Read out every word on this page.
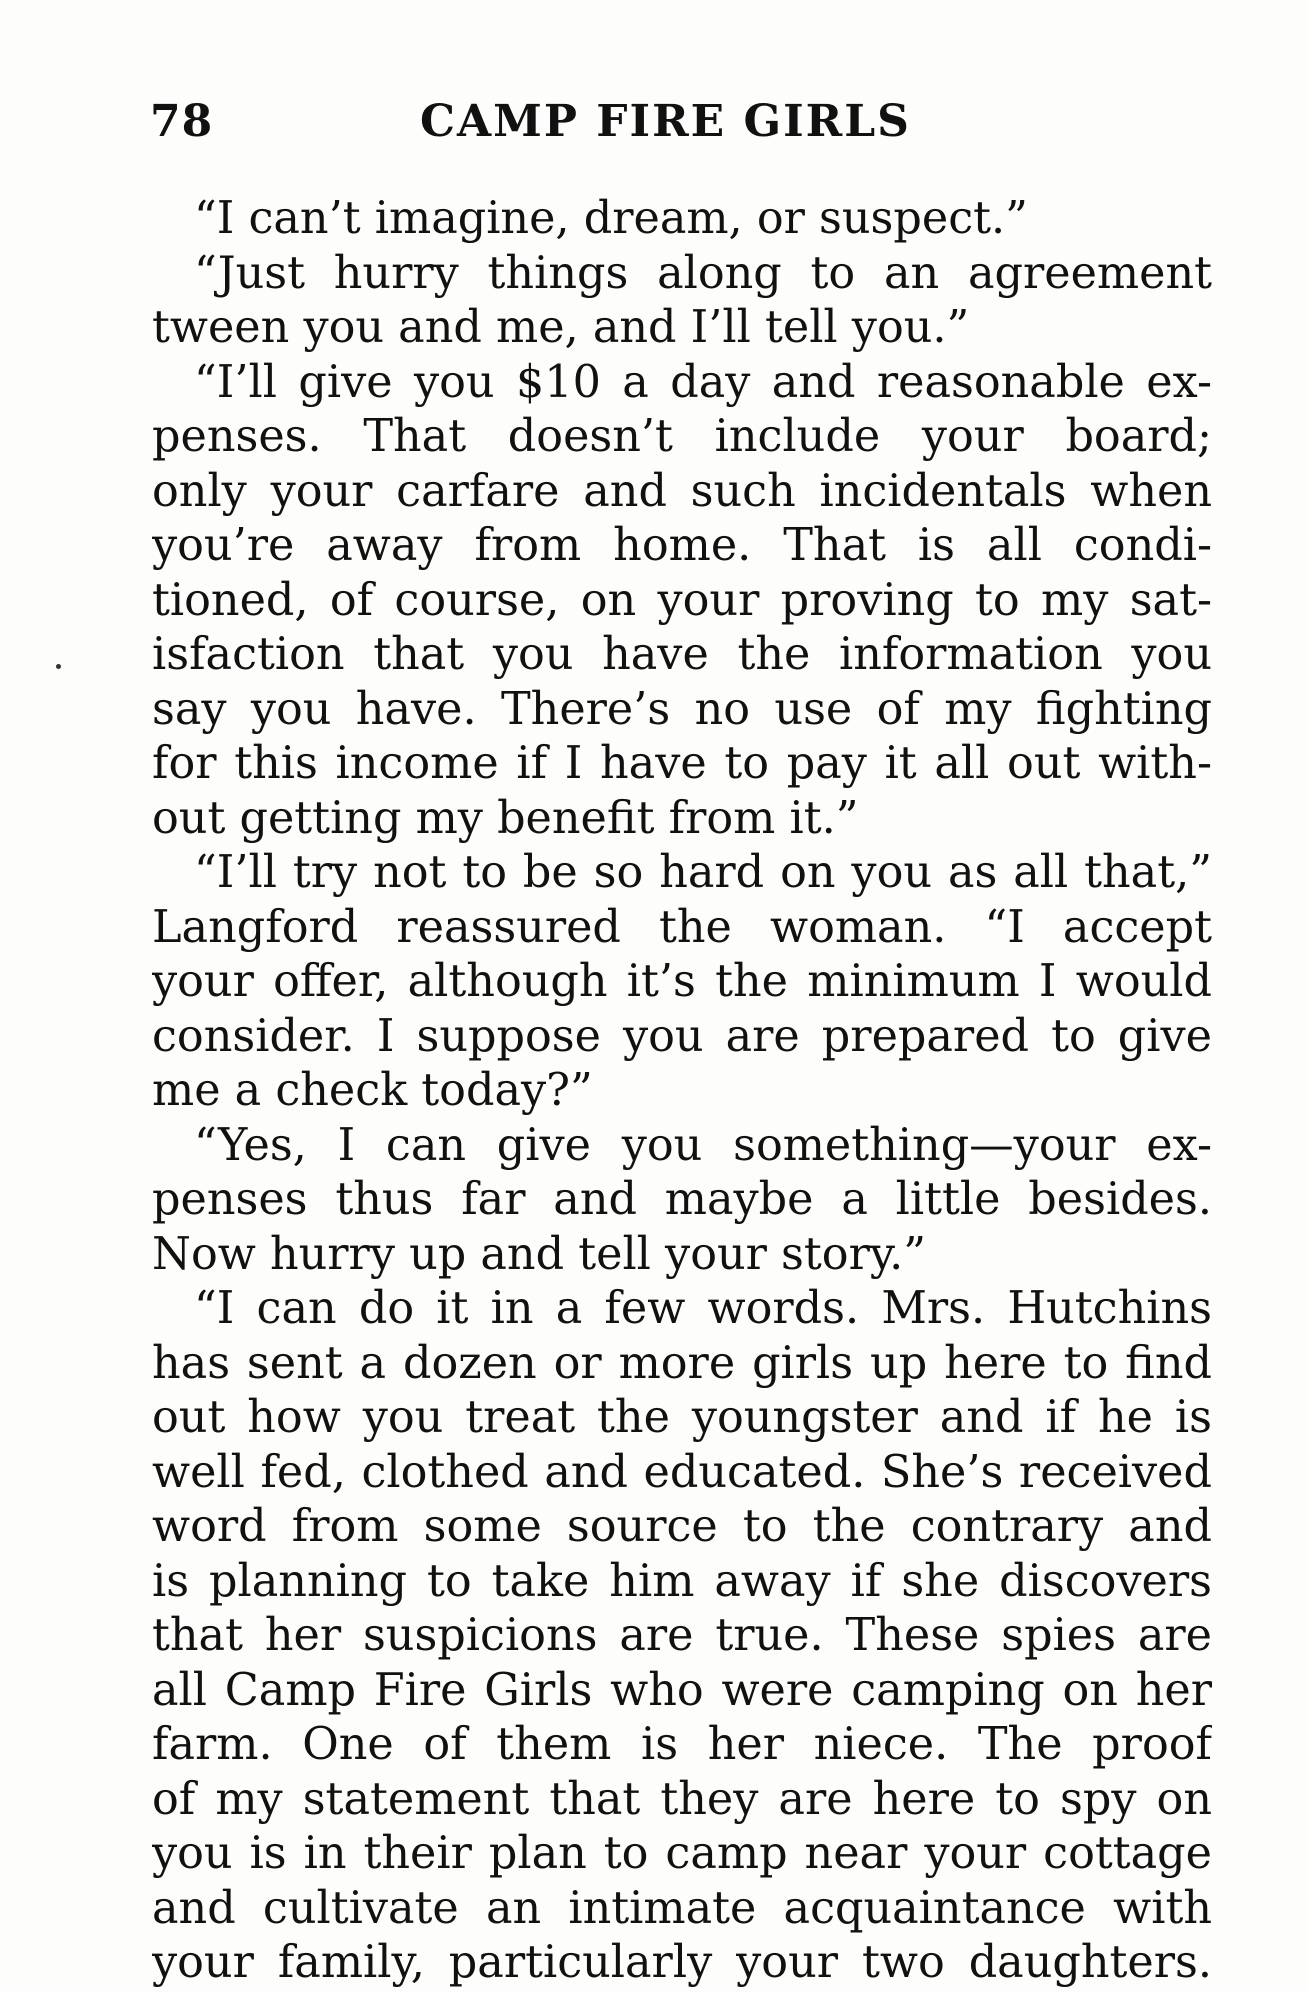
78	CAMP FIRE GIRLS
“I can’t imagine, dream, or suspect.”
“Just hurry things along to an agreement
tween you and me, and I’ll tell you.”
“I’ll give you $10 a day and reasonable ex-
penses. That doesn’t include your board;
only your carfare and such incidentals when
you’re away from home. That is all condi-
tioned, of course, on your proving to my sat-
isfaction that you have the information you
say you have. There’s no use of my fighting
for this income if I have to pay it all out with-
out getting my benefit from it.”
“I’ll try not to be so hard on you as all that,”
Langford reassured the woman. “I accept
your offer, although it’s the minimum I would
consider. I suppose you are prepared to give
me a check today?”
“Yes, I can give you something—your ex-
penses thus far and maybe a little besides.
Now hurry up and tell your story.”
“I can do it in a few words. Mrs. Hutchins
has sent a dozen or more girls up here to find
out how you treat the youngster and if he is
well fed, clothed and educated. She’s received
word from some source to the contrary and
is planning to take him away if she discovers
that her suspicions are true. These spies are
all Camp Fire Girls who were camping on her
farm. One of them is her niece. The proof
of my statement that they are here to spy on
you is in their plan to camp near your cottage
and cultivate an intimate acquaintance with
your family, particularly your two daughters.
